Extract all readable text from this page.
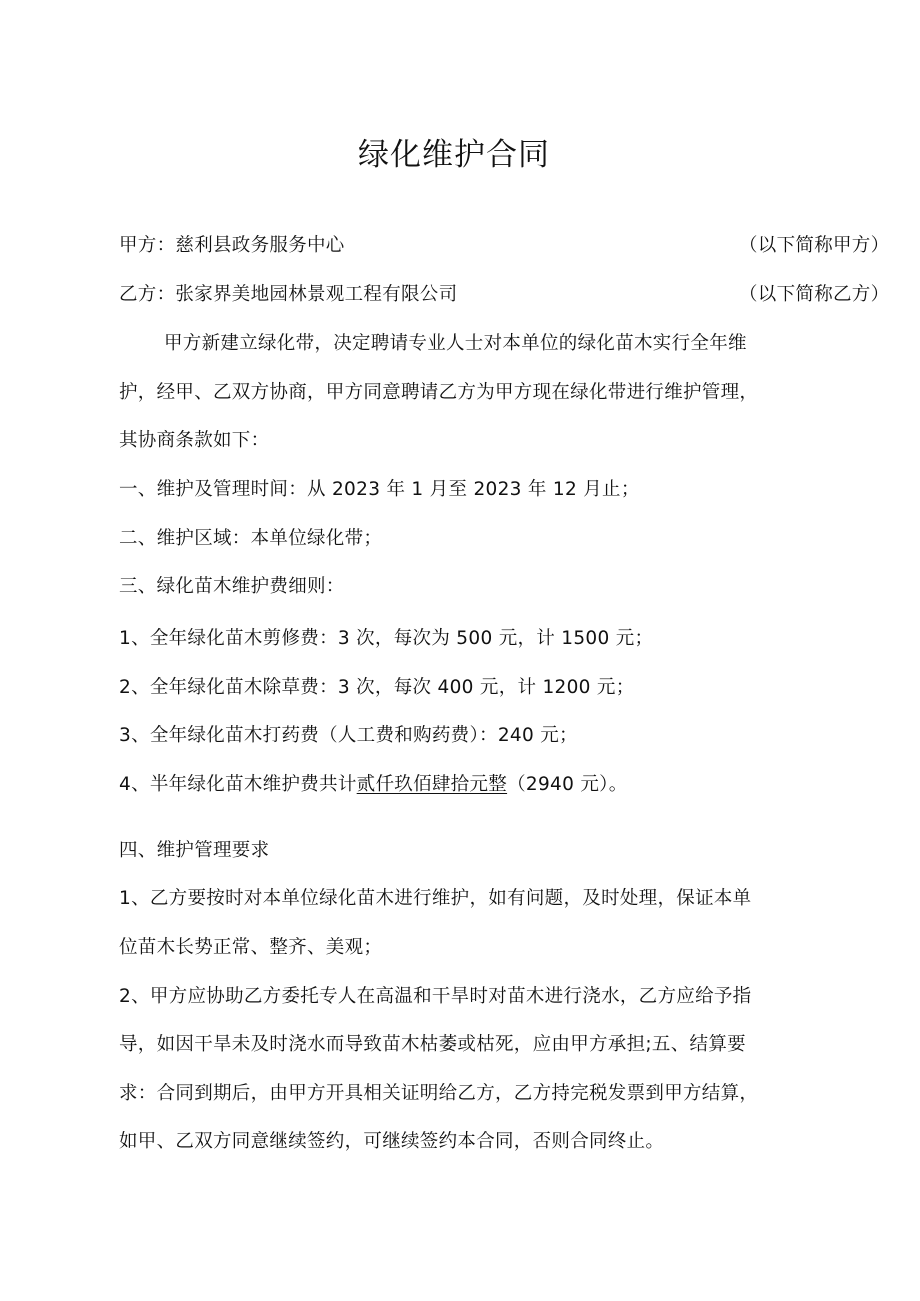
绿化维护合同
甲方：慈利县政务服务中心	（以下简称甲方）
乙方：张家界美地园林景观工程有限公司	（以下简称乙方）
甲方新建立绿化带，决定聘请专业人士对本单位的绿化苗木实行全年维
护，经甲、乙双方协商，甲方同意聘请乙方为甲方现在绿化带进行维护管理，
其协商条款如下：
一、维护及管理时间：从 2023 年 1 月至 2023 年 12 月止；
二、维护区域：本单位绿化带；
三、绿化苗木维护费细则：
1、全年绿化苗木剪修费：3 次，每次为 500 元，计 1500 元；
2、全年绿化苗木除草费：3 次，每次 400 元，计 1200 元；
3、全年绿化苗木打药费（人工费和购药费）：240 元；
4、半年绿化苗木维护费共计贰仟玖佰肆拾元整（2940 元）。
四、维护管理要求
1、乙方要按时对本单位绿化苗木进行维护，如有问题，及时处理，保证本单
位苗木长势正常、整齐、美观；
2、甲方应协助乙方委托专人在高温和干旱时对苗木进行浇水，乙方应给予指
导，如因干旱未及时浇水而导致苗木枯萎或枯死，应由甲方承担;五、结算要
求：合同到期后，由甲方开具相关证明给乙方，乙方持完税发票到甲方结算，
如甲、乙双方同意继续签约，可继续签约本合同，否则合同终止。
